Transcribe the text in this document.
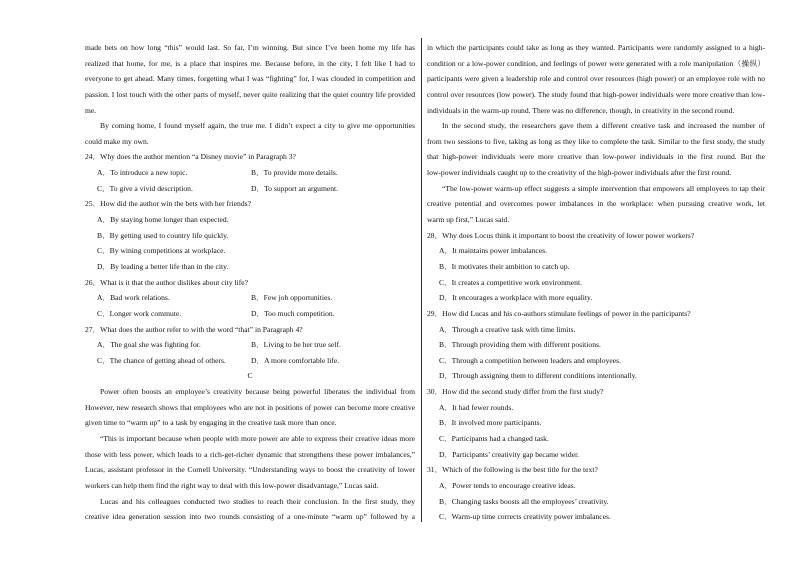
made bets on how long “this” would last. So far, I’m winning. But since I’ve been home my life has
realized that home, for me, is a place that inspires me. Because before, in the city, I felt like I had to
everyone to get ahead. Many times, forgetting what I was “fighting” for, I was clouded in competition and
passion. I lost touch with the other parts of myself, never quite realizing that the quiet country life provided
me.
By coming home, I found myself again, the true me. I didn’t expect a city to give me opportunities
could make my own.
24．Why does the author mention “a Disney movie” in Paragraph 3?
A．To introduce a new topic.	B．To provide more details.
C．To give a vivid description.	D．To support an argument.
25．How did the author win the bets with her friends?
A．By staying home longer than expected.
B．By getting used to country life quickly.
C．By wining competitions at workplace.
D．By leading a better life than in the city.
26．What is it that the author dislikes about city life?
A．Bad work relations.	B．Few job opportunities.
C．Longer work commute.	D．Too much competition.
27．What does the author refer to with the word “that” in Paragraph 4?
A．The goal she was fighting for.	B．Living to be her true self.
C．The chance of getting ahead of others.	D．A more comfortable life.
C
Power often boosts an employee’s creativity because being powerful liberates the individual from
However, new research shows that employees who are not in positions of power can become more creative
given time to “warm up” to a task by engaging in the creative task more than once.
“This is important because when people with more power are able to express their creative ideas more
those with less power, which leads to a rich-get-richer dynamic that strengthens these power imbalances,”
Lucas, assistant professor in the Cornell University. “Understanding ways to boost the creativity of lower
workers can help them find the right way to deal with this low-power disadvantage,” Lucas said.
Lucas and his colleagues conducted two studies to reach their conclusion. In the first study, they
creative idea generation session into two rounds consisting of a one-minute “warm up” followed by a
in which the participants could take as long as they wanted. Participants were randomly assigned to a high-
condition or a low-power condition, and feelings of power were generated with a role manipulation（操纵）
participants were given a leadership role and control over resources (high power) or an employee role with no
control over resources (low power). The study found that high-power individuals were more creative than low-
individuals in the warm-up round. There was no difference, though, in creativity in the second round.
In the second study, the researchers gave them a different creative task and increased the number of
from two sessions to five, taking as long as they like to complete the task. Similar to the first study, the study
that high-power individuals were more creative than low-power individuals in the first round. But the
low-power individuals caught up to the creativity of the high-power individuals after the first round.
“The low-power warm-up effect suggests a simple intervention that empowers all employees to tap their
creative potential and overcomes power imbalances in the workplace: when pursuing creative work, let
warm up first,” Lucas said.
28．Why does Locus think it important to boost the creativity of lower power workers?
A．It maintains power imbalances.
B．It motivates their ambition to catch up.
C．It creates a competitive work environment.
D．It encourages a workplace with more equality.
29．How did Lucas and his co-authors stimulate feelings of power in the participants?
A．Through a creative task with time limits.
B．Through providing them with different positions.
C．Through a competition between leaders and employees.
D．Through assigning them to different conditions intentionally.
30．How did the second study differ from the first study?
A．It had fewer rounds.
B．It involved more participants.
C．Participants had a changed task.
D．Participants’ creativity gap became wider.
31．Which of the following is the best title for the text?
A．Power tends to encourage creative ideas.
B．Changing tasks boosts all the employees’ creativity.
C．Warm-up time corrects creativity power imbalances.
